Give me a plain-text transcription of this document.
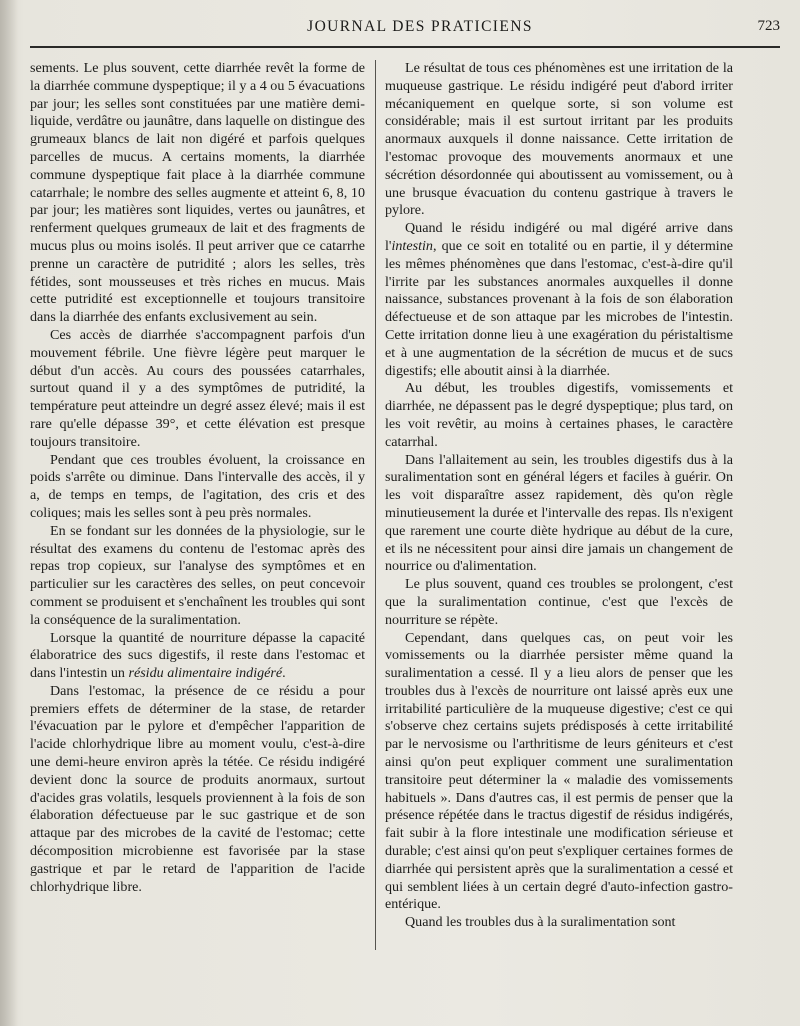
JOURNAL DES PRATICIENS	723

sements. Le plus souvent, cette diarrhée revêt la forme de la diarrhée commune dyspeptique; il y a 4 ou 5 évacuations par jour; les selles sont constituées par une matière demi-liquide, verdâtre ou jaunâtre, dans laquelle on distingue des grumeaux blancs de lait non digéré et parfois quelques parcelles de mucus. A certains moments, la diarrhée commune dyspeptique fait place à la diarrhée commune catarrhale; le nombre des selles augmente et atteint 6, 8, 10 par jour; les matières sont liquides, vertes ou jaunâtres, et renferment quelques grumeaux de lait et des fragments de mucus plus ou moins isolés. Il peut arriver que ce catarrhe prenne un caractère de putridité ; alors les selles, très fétides, sont mousseuses et très riches en mucus. Mais cette putridité est exceptionnelle et toujours transitoire dans la diarrhée des enfants exclusivement au sein.

Ces accès de diarrhée s'accompagnent parfois d'un mouvement fébrile. Une fièvre légère peut marquer le début d'un accès. Au cours des poussées catarrhales, surtout quand il y a des symptômes de putridité, la température peut atteindre un degré assez élevé; mais il est rare qu'elle dépasse 39°, et cette élévation est presque toujours transitoire.

Pendant que ces troubles évoluent, la croissance en poids s'arrête ou diminue. Dans l'intervalle des accès, il y a, de temps en temps, de l'agitation, des cris et des coliques; mais les selles sont à peu près normales.

En se fondant sur les données de la physiologie, sur le résultat des examens du contenu de l'estomac après des repas trop copieux, sur l'analyse des symptômes et en particulier sur les caractères des selles, on peut concevoir comment se produisent et s'enchaînent les troubles qui sont la conséquence de la suralimentation.

Lorsque la quantité de nourriture dépasse la capacité élaboratrice des sucs digestifs, il reste dans l'estomac et dans l'intestin un résidu alimentaire indigéré.

Dans l'estomac, la présence de ce résidu a pour premiers effets de déterminer de la stase, de retarder l'évacuation par le pylore et d'empêcher l'apparition de l'acide chlorhydrique libre au moment voulu, c'est-à-dire une demi-heure environ après la tétée. Ce résidu indigéré devient donc la source de produits anormaux, surtout d'acides gras volatils, lesquels proviennent à la fois de son élaboration défectueuse par le suc gastrique et de son attaque par des microbes de la cavité de l'estomac; cette décomposition microbienne est favorisée par la stase gastrique et par le retard de l'apparition de l'acide chlorhydrique libre.

Le résultat de tous ces phénomènes est une irritation de la muqueuse gastrique. Le résidu indigéré peut d'abord irriter mécaniquement en quelque sorte, si son volume est considérable; mais il est surtout irritant par les produits anormaux auxquels il donne naissance. Cette irritation de l'estomac provoque des mouvements anormaux et une sécrétion désordonnée qui aboutissent au vomissement, ou à une brusque évacuation du contenu gastrique à travers le pylore.

Quand le résidu indigéré ou mal digéré arrive dans l'intestin, que ce soit en totalité ou en partie, il y détermine les mêmes phénomènes que dans l'estomac, c'est-à-dire qu'il l'irrite par les substances anormales auxquelles il donne naissance, substances provenant à la fois de son élaboration défectueuse et de son attaque par les microbes de l'intestin. Cette irritation donne lieu à une exagération du péristaltisme et à une augmentation de la sécrétion de mucus et de sucs digestifs; elle aboutit ainsi à la diarrhée.

Au début, les troubles digestifs, vomissements et diarrhée, ne dépassent pas le degré dyspeptique; plus tard, on les voit revêtir, au moins à certaines phases, le caractère catarrhal.

Dans l'allaitement au sein, les troubles digestifs dus à la suralimentation sont en général légers et faciles à guérir. On les voit disparaître assez rapidement, dès qu'on règle minutieusement la durée et l'intervalle des repas. Ils n'exigent que rarement une courte diète hydrique au début de la cure, et ils ne nécessitent pour ainsi dire jamais un changement de nourrice ou d'alimentation.

Le plus souvent, quand ces troubles se prolongent, c'est que la suralimentation continue, c'est que l'excès de nourriture se répète.

Cependant, dans quelques cas, on peut voir les vomissements ou la diarrhée persister même quand la suralimentation a cessé. Il y a lieu alors de penser que les troubles dus à l'excès de nourriture ont laissé après eux une irritabilité particulière de la muqueuse digestive; c'est ce qui s'observe chez certains sujets prédisposés à cette irritabilité par le nervosisme ou l'arthritisme de leurs géniteurs et c'est ainsi qu'on peut expliquer comment une suralimentation transitoire peut déterminer la « maladie des vomissements habituels ». Dans d'autres cas, il est permis de penser que la présence répétée dans le tractus digestif de résidus indigérés, fait subir à la flore intestinale une modification sérieuse et durable; c'est ainsi qu'on peut s'expliquer certaines formes de diarrhée qui persistent après que la suralimentation a cessé et qui semblent liées à un certain degré d'auto-infection gastro-entérique.

Quand les troubles dus à la suralimentation sont
